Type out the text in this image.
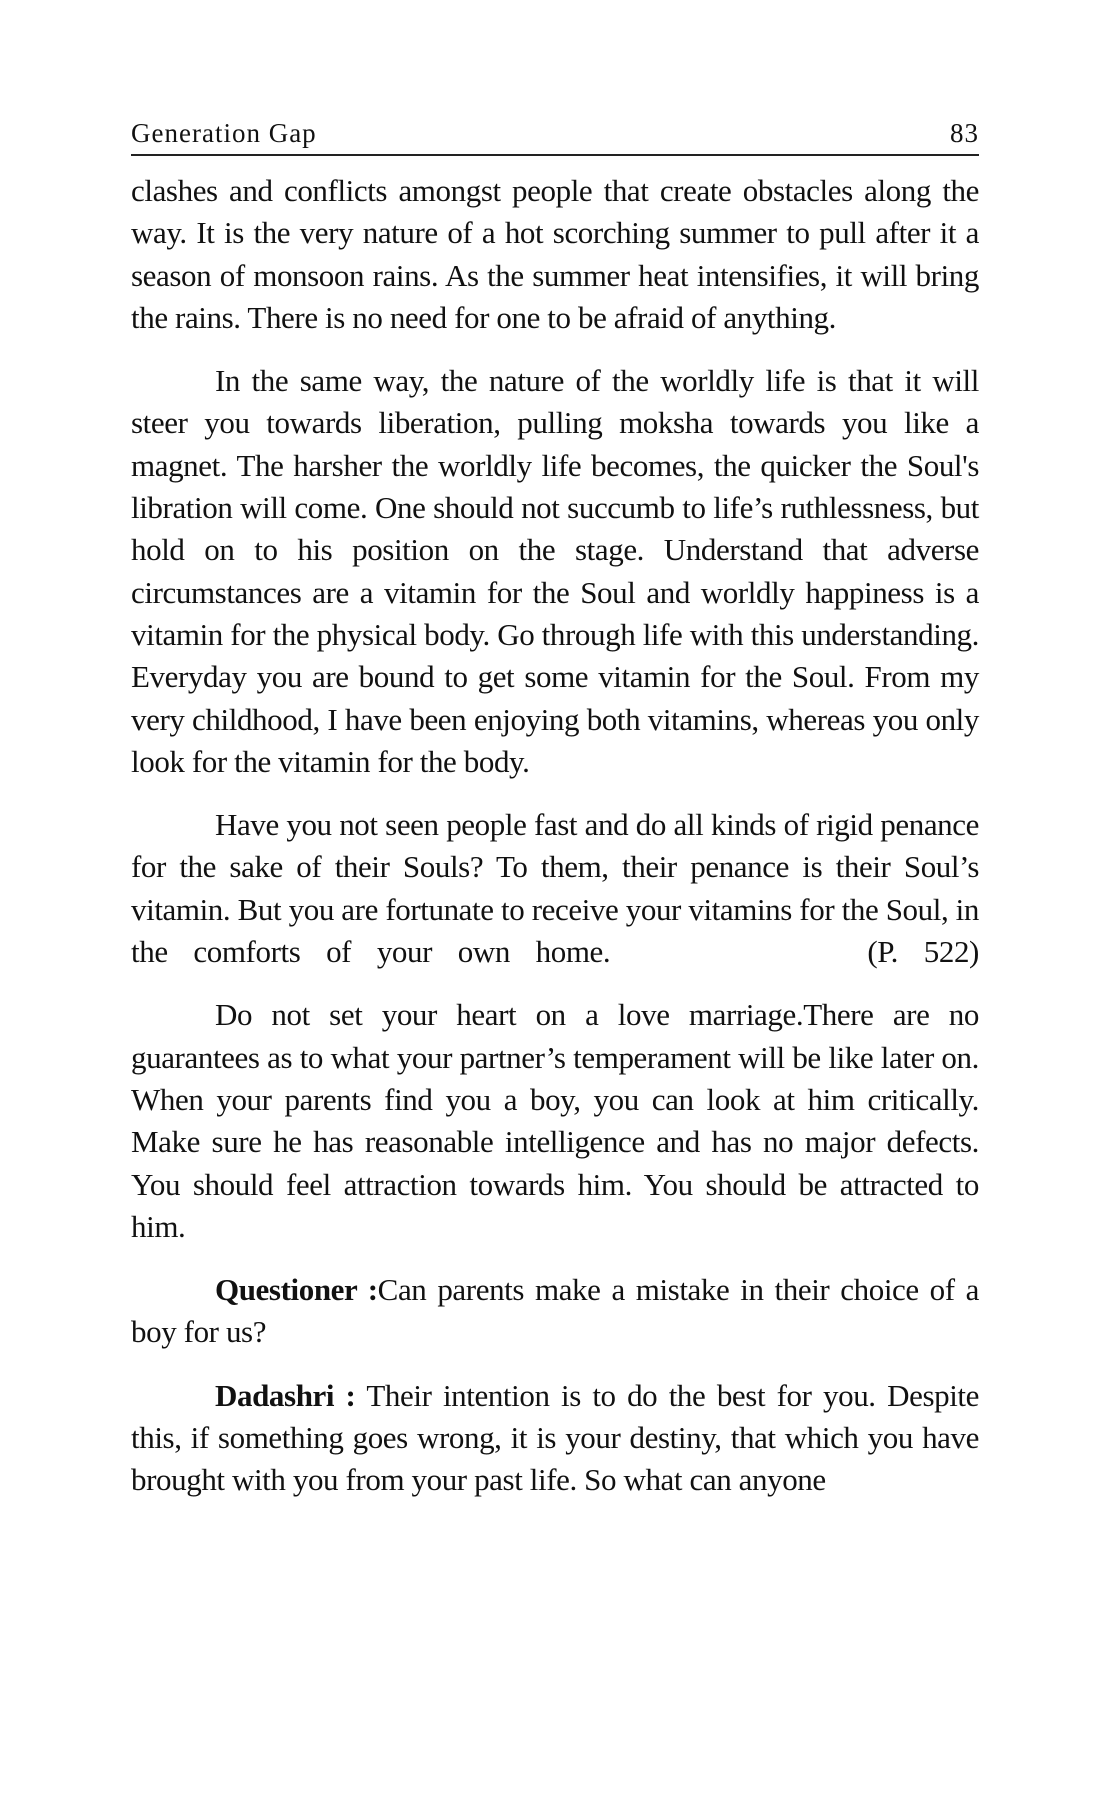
Generation Gap	83

clashes and conflicts amongst people that create obstacles along the way. It is the very nature of a hot scorching summer to pull after it a season of monsoon rains. As the summer heat intensifies, it will bring the rains. There is no need for one to be afraid of anything.

In the same way, the nature of the worldly life is that it will steer you towards liberation, pulling moksha towards you like a magnet. The harsher the worldly life becomes, the quicker the Soul's libration will come. One should not succumb to life’s ruthlessness, but hold on to his position on the stage. Understand that adverse circumstances are a vitamin for the Soul and worldly happiness is a vitamin for the physical body. Go through life with this understanding. Everyday you are bound to get some vitamin for the Soul. From my very childhood, I have been enjoying both vitamins, whereas you only look for the vitamin for the body.

Have you not seen people fast and do all kinds of rigid penance for the sake of their Souls? To them, their penance is their Soul’s vitamin. But you are fortunate to receive your vitamins for the Soul, in the comforts of your own home.	(P. 522)

Do not set your heart on a love marriage.There are no guarantees as to what your partner’s temperament will be like later on. When your parents find you a boy, you can look at him critically. Make sure he has reasonable intelligence and has no major defects. You should feel attraction towards him. You should be attracted to him.

Questioner :Can parents make a mistake in their choice of a boy for us?

Dadashri : Their intention is to do the best for you. Despite this, if something goes wrong, it is your destiny, that which you have brought with you from your past life. So what can anyone
